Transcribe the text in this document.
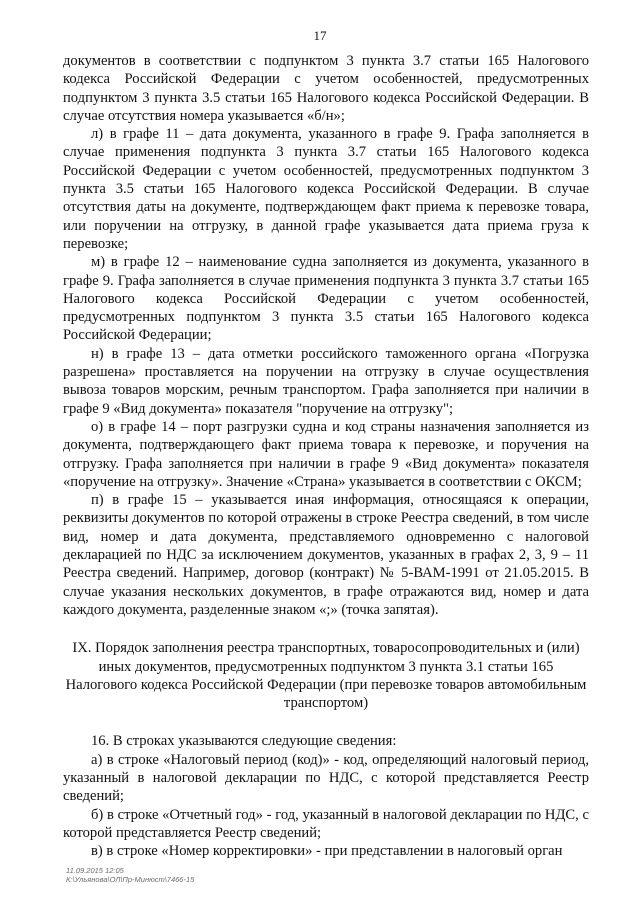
17

документов в соответствии с подпунктом 3 пункта 3.7 статьи 165 Налогового кодекса Российской Федерации с учетом особенностей, предусмотренных подпунктом 3 пункта 3.5 статьи 165 Налогового кодекса Российской Федерации. В случае отсутствия номера указывается «б/н»;

л) в графе 11 – дата документа, указанного в графе 9. Графа заполняется в случае применения подпункта 3 пункта 3.7 статьи 165 Налогового кодекса Российской Федерации с учетом особенностей, предусмотренных подпунктом 3 пункта 3.5 статьи 165 Налогового кодекса Российской Федерации. В случае отсутствия даты на документе, подтверждающем факт приема к перевозке товара, или поручении на отгрузку, в данной графе указывается дата приема груза к перевозке;

м) в графе 12 – наименование судна заполняется из документа, указанного в графе 9. Графа заполняется в случае применения подпункта 3 пункта 3.7 статьи 165 Налогового кодекса Российской Федерации с учетом особенностей, предусмотренных подпунктом 3 пункта 3.5 статьи 165 Налогового кодекса Российской Федерации;

н) в графе 13 – дата отметки российского таможенного органа «Погрузка разрешена» проставляется на поручении на отгрузку в случае осуществления вывоза товаров морским, речным транспортом. Графа заполняется при наличии в графе 9 «Вид документа» показателя "поручение на отгрузку";

о) в графе 14 – порт разгрузки судна и код страны назначения заполняется из документа, подтверждающего факт приема товара к перевозке, и поручения на отгрузку. Графа заполняется при наличии в графе 9 «Вид документа» показателя «поручение на отгрузку». Значение «Страна» указывается в соответствии с ОКСМ;

п) в графе 15 – указывается иная информация, относящаяся к операции, реквизиты документов по которой отражены в строке Реестра сведений, в том числе вид, номер и дата документа, представляемого одновременно с налоговой декларацией по НДС за исключением документов, указанных в графах 2, 3, 9 – 11 Реестра сведений. Например, договор (контракт) № 5-ВАМ-1991 от 21.05.2015. В случае указания нескольких документов, в графе отражаются вид, номер и дата каждого документа, разделенные знаком «;» (точка запятая).

IX. Порядок заполнения реестра транспортных, товаросопроводительных и (или) иных документов, предусмотренных подпунктом 3 пункта 3.1 статьи 165 Налогового кодекса Российской Федерации (при перевозке товаров автомобильным транспортом)

16. В строках указываются следующие сведения:

а) в строке «Налоговый период (код)» - код, определяющий налоговый период, указанный в налоговой декларации по НДС, с которой представляется Реестр сведений;

б) в строке «Отчетный год» - год, указанный в налоговой декларации по НДС, с которой представляется Реестр сведений;

в) в строке «Номер корректировки» - при представлении в налоговый орган

11.09.2015 12:05
К:\Ульянова\ОЛ\Пр-Минюст\7466-15
